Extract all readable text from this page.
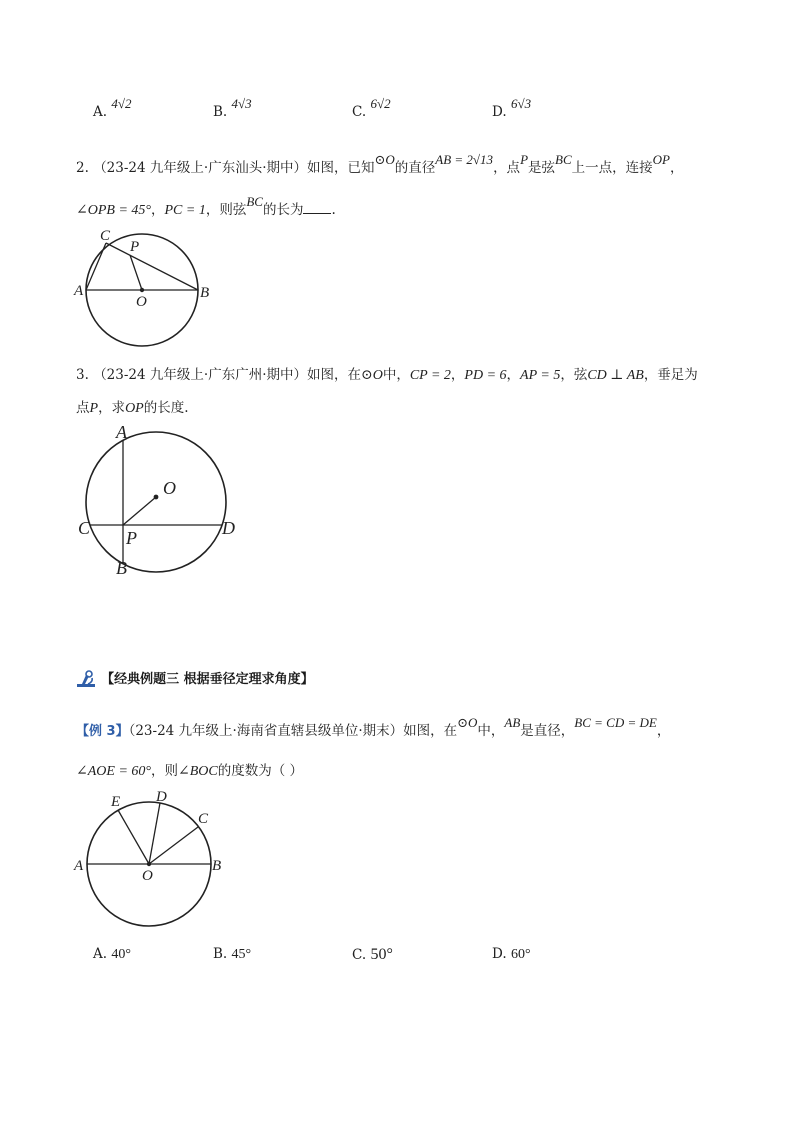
A. 4√2
B. 4√3
C. 6√2
D. 6√3
2. （23-24 九年级上·广东汕头·期中）如图，已知⊙O的直径AB = 2√13，点P是弦BC上一点，连接OP，
∠OPB = 45°，PC = 1，则弦BC的长为 .
A	B
C
P
O
3. （23-24 九年级上·广东广州·期中）如图，在⊙O中，CP = 2，PD = 6，AP = 5，弦CD ⊥ AB，垂足为
点P，求OP的长度.
A
B
C	D
P
O
【经典例题三 根据垂径定理求角度】
【例 3】（23-24 九年级上·海南省直辖县级单位·期末）如图，在⊙O中，AB是直径，BC = CD = DE，
∠AOE = 60°，则∠BOC的度数为（ ）
A	B
C
D
E
O
A. 40°	B. 45°	C. 50°	D. 60°
